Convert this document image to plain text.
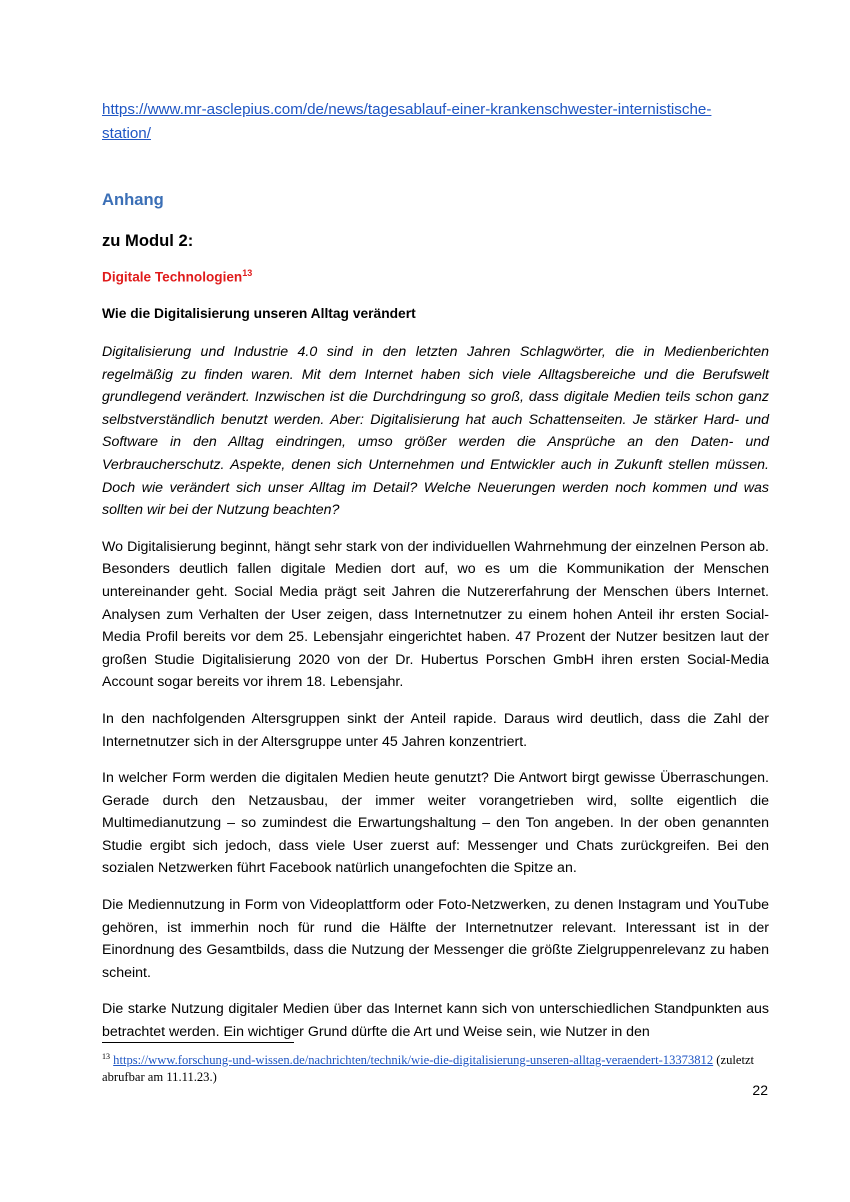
https://www.mr-asclepius.com/de/news/tagesablauf-einer-krankenschwester-internistische-
station/
Anhang
zu Modul 2:
Digitale Technologien$^{13}$
Wie die Digitalisierung unseren Alltag verändert

Digitalisierung und Industrie 4.0 sind in den letzten Jahren Schlagwörter, die in Medienberichten regelmäßig zu finden waren. Mit dem Internet haben sich viele Alltagsbereiche und die Berufswelt grundlegend verändert. Inzwischen ist die Durchdringung so groß, dass digitale Medien teils schon ganz selbstverständlich benutzt werden. Aber: Digitalisierung hat auch Schattenseiten. Je stärker Hard- und Software in den Alltag eindringen, umso größer werden die Ansprüche an den Daten- und Verbraucherschutz. Aspekte, denen sich Unternehmen und Entwickler auch in Zukunft stellen müssen. Doch wie verändert sich unser Alltag im Detail? Welche Neuerungen werden noch kommen und was sollten wir bei der Nutzung beachten?

Wo Digitalisierung beginnt, hängt sehr stark von der individuellen Wahrnehmung der einzelnen Person ab. Besonders deutlich fallen digitale Medien dort auf, wo es um die Kommunikation der Menschen untereinander geht. Social Media prägt seit Jahren die Nutzererfahrung der Menschen übers Internet. Analysen zum Verhalten der User zeigen, dass Internetnutzer zu einem hohen Anteil ihr ersten Social-Media Profil bereits vor dem 25. Lebensjahr eingerichtet haben. 47 Prozent der Nutzer besitzen laut der großen Studie Digitalisierung 2020 von der Dr. Hubertus Porschen GmbH ihren ersten Social-Media Account sogar bereits vor ihrem 18. Lebensjahr.

In den nachfolgenden Altersgruppen sinkt der Anteil rapide. Daraus wird deutlich, dass die Zahl der Internetnutzer sich in der Altersgruppe unter 45 Jahren konzentriert.

In welcher Form werden die digitalen Medien heute genutzt? Die Antwort birgt gewisse Überraschungen. Gerade durch den Netzausbau, der immer weiter vorangetrieben wird, sollte eigentlich die Multimedianutzung – so zumindest die Erwartungshaltung – den Ton angeben. In der oben genannten Studie ergibt sich jedoch, dass viele User zuerst auf: Messenger und Chats zurückgreifen. Bei den sozialen Netzwerken führt Facebook natürlich unangefochten die Spitze an.

Die Mediennutzung in Form von Videoplattform oder Foto-Netzwerken, zu denen Instagram und YouTube gehören, ist immerhin noch für rund die Hälfte der Internetnutzer relevant. Interessant ist in der Einordnung des Gesamtbilds, dass die Nutzung der Messenger die größte Zielgruppenrelevanz zu haben scheint.

Die starke Nutzung digitaler Medien über das Internet kann sich von unterschiedlichen Standpunkten aus betrachtet werden. Ein wichtiger Grund dürfte die Art und Weise sein, wie Nutzer in den

$^{13}$ https://www.forschung-und-wissen.de/nachrichten/technik/wie-die-digitalisierung-unseren-alltag-veraendert-13373812 (zuletzt abrufbar am 11.11.23.)
22
